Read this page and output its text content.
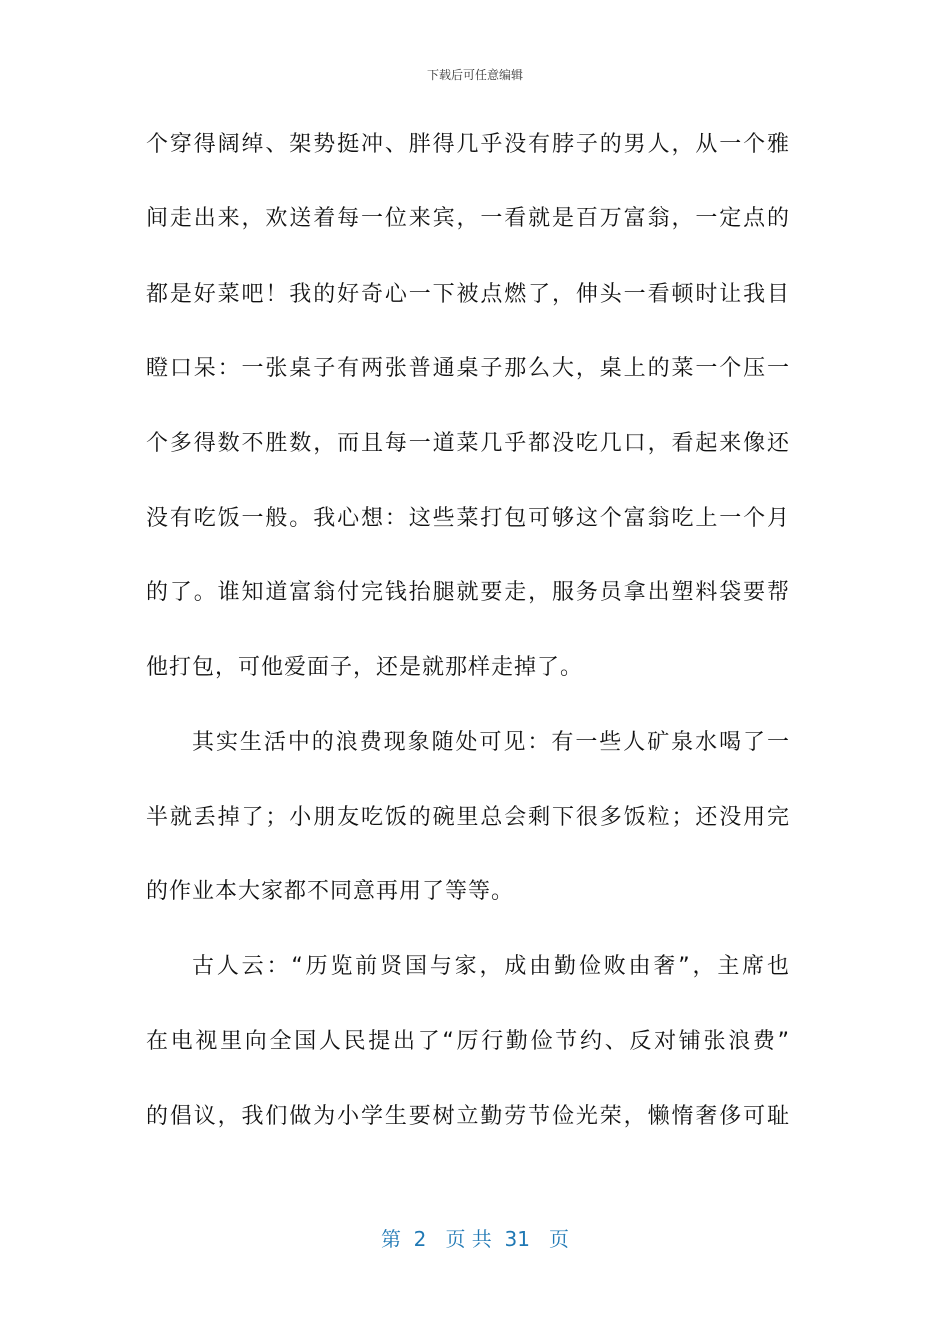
下载后可任意编辑
个穿得阔绰、架势挺冲、胖得几乎没有脖子的男人，从一个雅
间走出来，欢送着每一位来宾，一看就是百万富翁，一定点的
都是好菜吧！我的好奇心一下被点燃了，伸头一看顿时让我目
瞪口呆：一张桌子有两张普通桌子那么大，桌上的菜一个压一
个多得数不胜数，而且每一道菜几乎都没吃几口，看起来像还
没有吃饭一般。我心想：这些菜打包可够这个富翁吃上一个月
的了。谁知道富翁付完钱抬腿就要走，服务员拿出塑料袋要帮
他打包，可他爱面子，还是就那样走掉了。
其实生活中的浪费现象随处可见：有一些人矿泉水喝了一
半就丢掉了；小朋友吃饭的碗里总会剩下很多饭粒；还没用完
的作业本大家都不同意再用了等等。
古人云：“历览前贤国与家，成由勤俭败由奢”，主席也
在电视里向全国人民提出了“厉行勤俭节约、反对铺张浪费”
的倡议，我们做为小学生要树立勤劳节俭光荣，懒惰奢侈可耻
第  2   页 共  31   页
